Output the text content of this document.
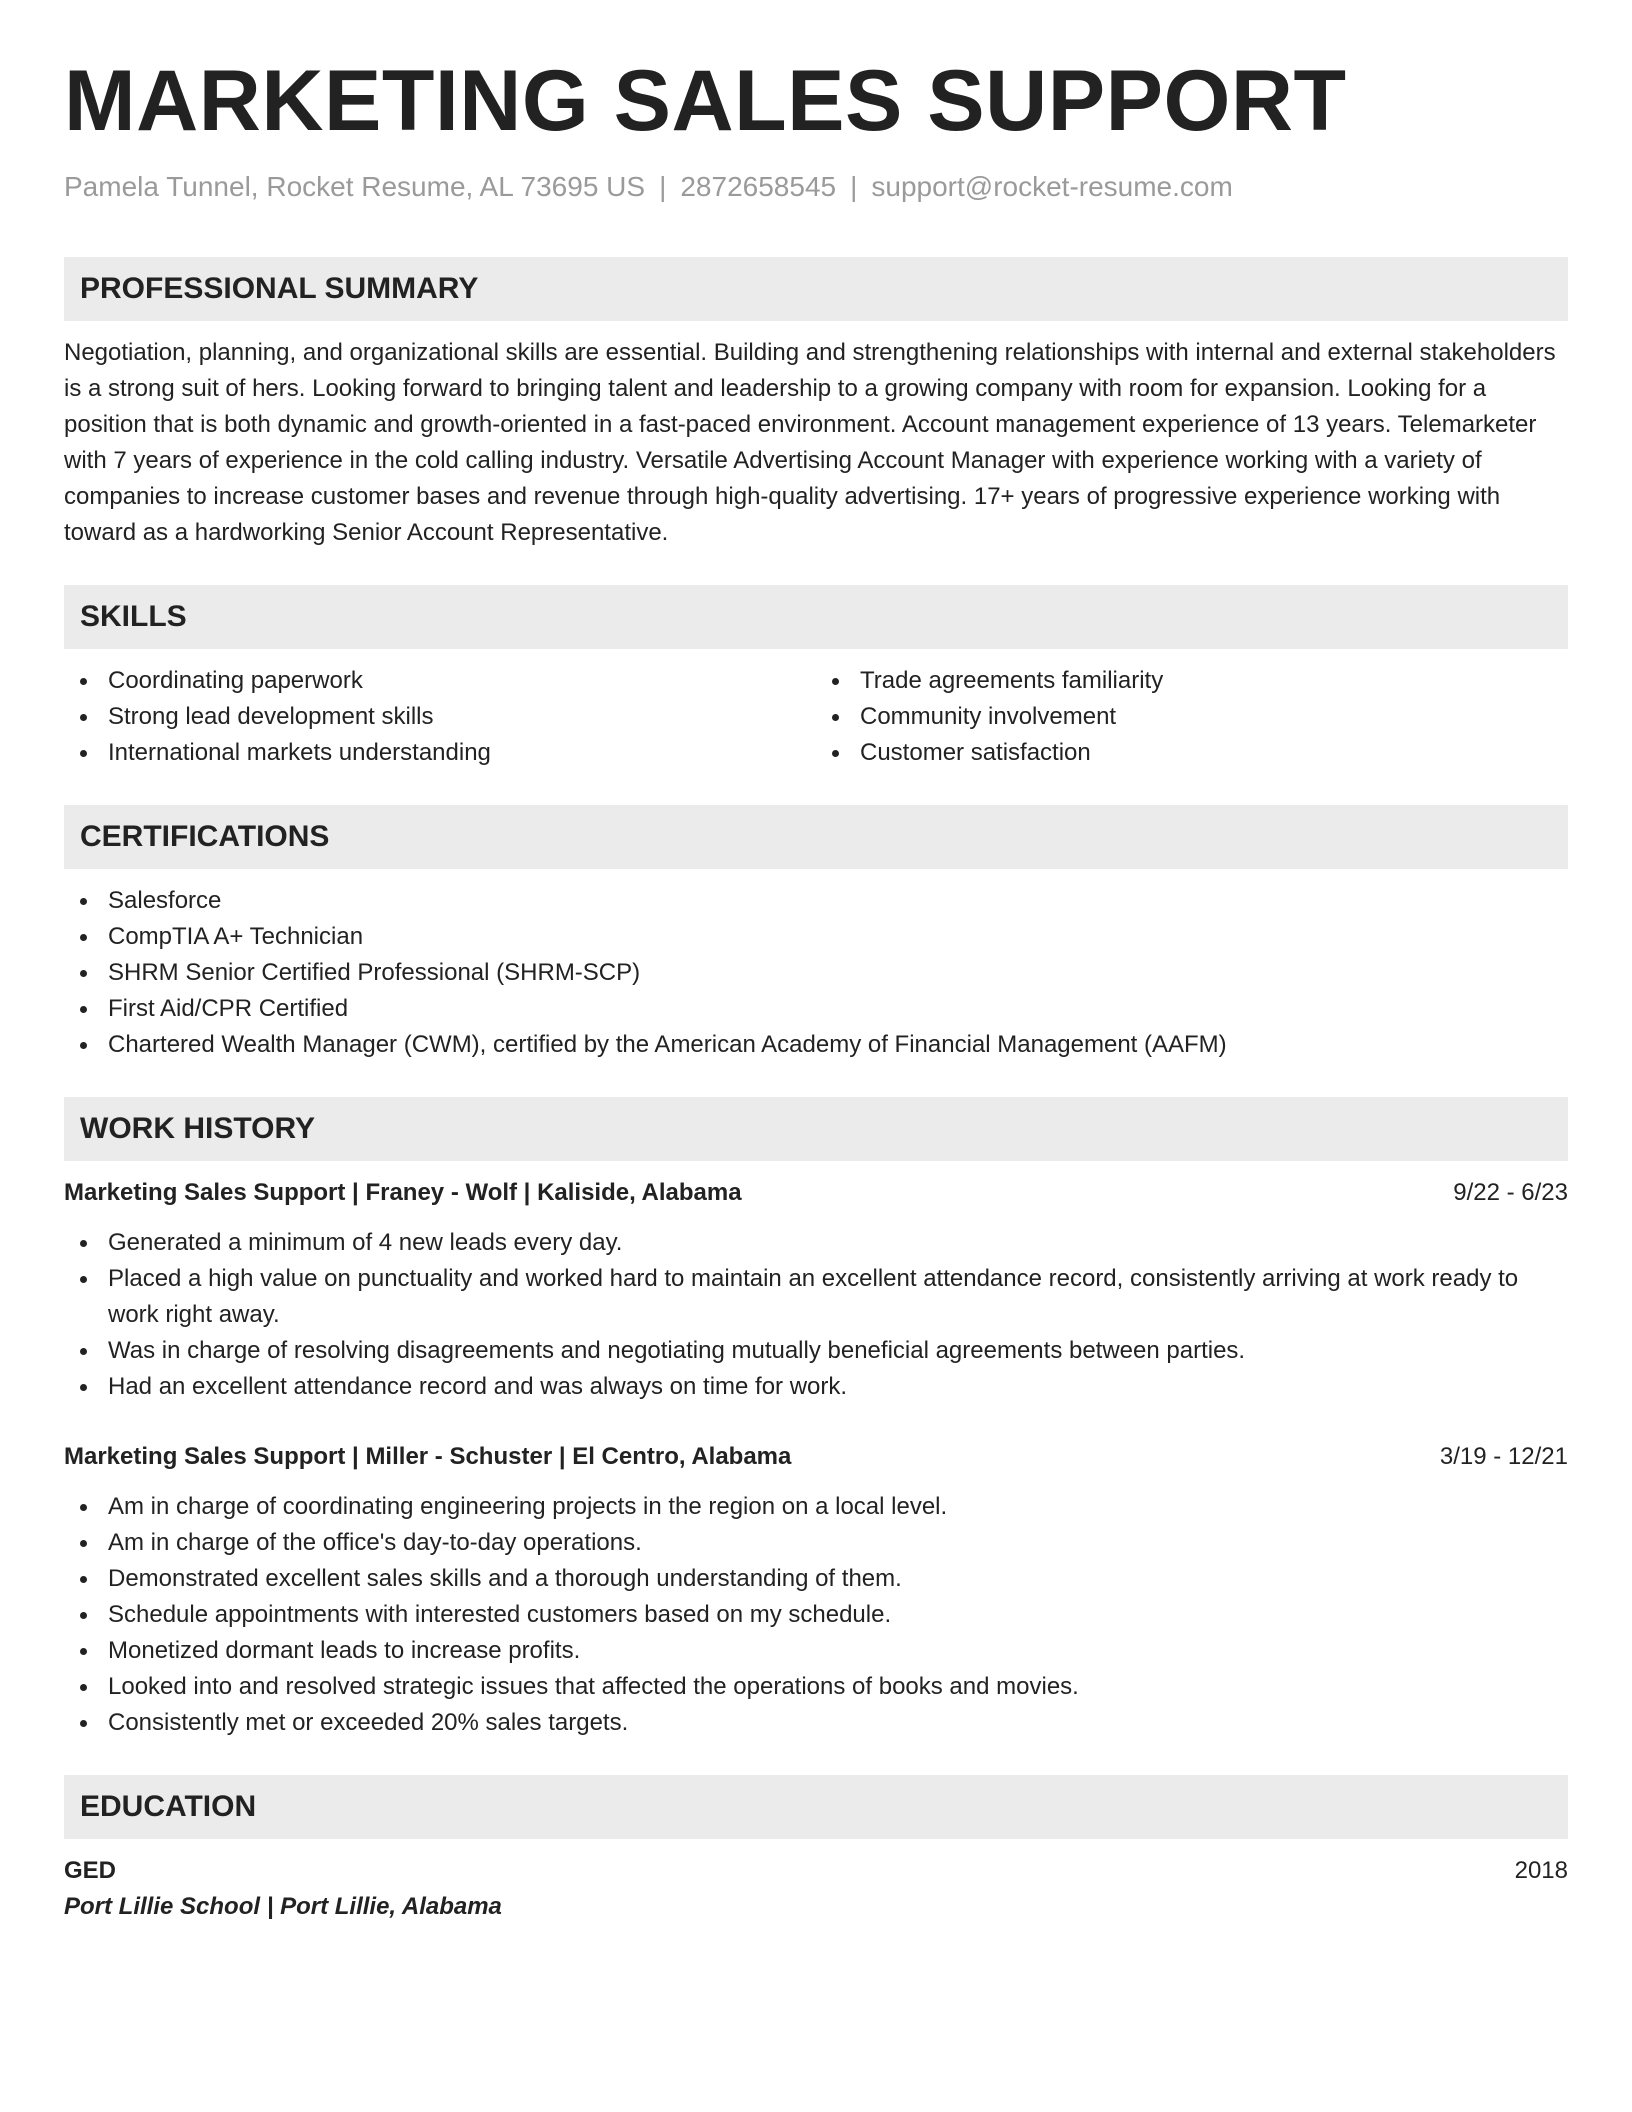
MARKETING SALES SUPPORT
Pamela Tunnel, Rocket Resume, AL 73695 US | 2872658545 | support@rocket-resume.com
PROFESSIONAL SUMMARY

Negotiation, planning, and organizational skills are essential. Building and strengthening relationships with internal and external stakeholders is a strong suit of hers. Looking forward to bringing talent and leadership to a growing company with room for expansion. Looking for a position that is both dynamic and growth-oriented in a fast-paced environment. Account management experience of 13 years. Telemarketer with 7 years of experience in the cold calling industry. Versatile Advertising Account Manager with experience working with a variety of companies to increase customer bases and revenue through high-quality advertising. 17+ years of progressive experience working with toward as a hardworking Senior Account Representative.

SKILLS
Coordinating paperwork
Strong lead development skills
International markets understanding
Trade agreements familiarity
Community involvement
Customer satisfaction
CERTIFICATIONS
Salesforce
CompTIA A+ Technician
SHRM Senior Certified Professional (SHRM-SCP)
First Aid/CPR Certified
Chartered Wealth Manager (CWM), certified by the American Academy of Financial Management (AAFM)
WORK HISTORY
Marketing Sales Support | Franey - Wolf | Kaliside, Alabama	9/22 - 6/23
Generated a minimum of 4 new leads every day.
Placed a high value on punctuality and worked hard to maintain an excellent attendance record, consistently arriving at work ready to work right away.
Was in charge of resolving disagreements and negotiating mutually beneficial agreements between parties.
Had an excellent attendance record and was always on time for work.
Marketing Sales Support | Miller - Schuster | El Centro, Alabama	3/19 - 12/21
Am in charge of coordinating engineering projects in the region on a local level.
Am in charge of the office's day-to-day operations.
Demonstrated excellent sales skills and a thorough understanding of them.
Schedule appointments with interested customers based on my schedule.
Monetized dormant leads to increase profits.
Looked into and resolved strategic issues that affected the operations of books and movies.
Consistently met or exceeded 20% sales targets.
EDUCATION
GED	2018
Port Lillie School | Port Lillie, Alabama
